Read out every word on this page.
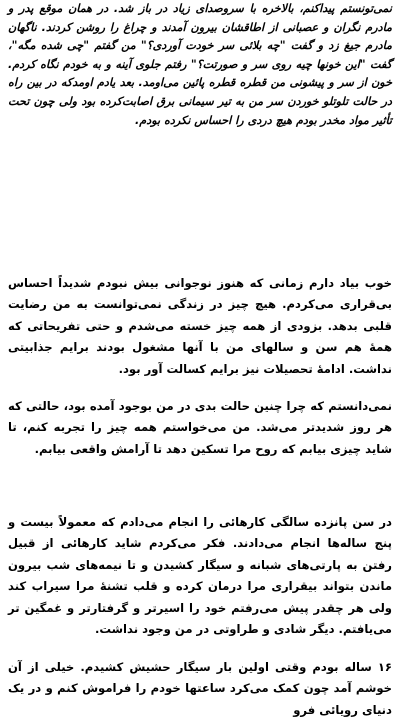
نمی‌تونستم پیداکنم، بالاخره با سروصدای زیاد در باز شد. در همان موقع پدر و مادرم نگران و عصبانی از اطاقشان بیرون آمدند و چراغ را روشن کردند. ناگهان مادرم جیغ زد و گفت "چه بلائی سر خودت آوردی؟" من گفتم "چی شده مگه"، گفت "این خونها چیه روی سر و صورتت؟" رفتم جلوی آینه و به خودم نگاه کردم. خون از سر و پیشونی من قطره قطره پائین می‌اومد. بعد یادم اومدکه در بین راه در حالت تلوتلو خوردن سر من به تیر سیمانی برق اصابت‌کرده بود ولی چون تحت تأثیر مواد مخدر بودم هیچ دردی را احساس نکرده بودم.

خوب بیاد دارم زمانی که هنوز نوجوانی بیش نبودم شدیداً احساس بی‌قراری می‌کردم. هیچ چیز در زندگی نمی‌توانست به من رضایت قلبی بدهد. بزودی از همه چیز خسته می‌شدم و حتی تفریحاتی که همهٔ هم سن و سالهای من با آنها مشغول بودند برایم جذابیتی نداشت. ادامهٔ تحصیلات نیز برایم کسالت آور بود.

نمی‌دانستم که چرا چنین حالت بدی در من بوجود آمده بود، حالتی که هر روز شدیدتر می‌شد. من می‌خواستم همه چیز را تجربه کنم، تا شاید چیزی بیابم که روح مرا تسکین دهد تا آرامش واقعی بیابم.

در سن پانزده سالگی کارهائی را انجام می‌دادم که معمولاً بیست و پنج ساله‌ها انجام می‌دادند. فکر می‌کردم شاید کارهائی از قبیل رفتن به پارتی‌های شبانه و سیگار کشیدن و تا نیمه‌های شب بیرون ماندن بتواند بیقراری مرا درمان کرده و قلب تشنهٔ مرا سیراب کند ولی هر چقدر پیش می‌رفتم خود را اسیرتر و گرفتارتر و غمگین تر می‌یافتم. دیگر شادی و طراوتی در من وجود نداشت.

۱۶ ساله بودم وقتی اولین بار سیگار حشیش کشیدم. خیلی از آن خوشم آمد چون کمک می‌کرد ساعتها خودم را فراموش کنم و در یک دنیای رویائی فرو
